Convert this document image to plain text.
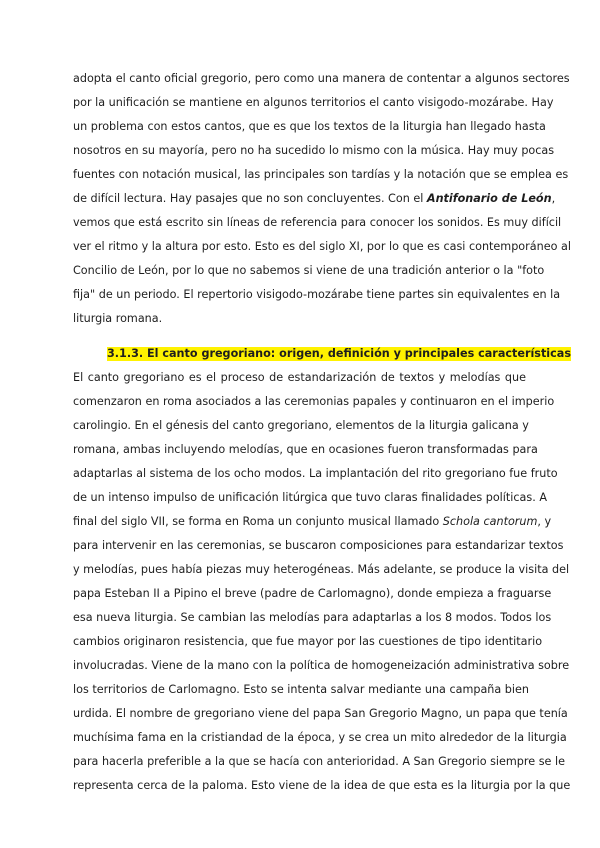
adopta el canto oficial gregorio, pero como una manera de contentar a algunos sectores
por la unificación se mantiene en algunos territorios el canto visigodo-mozárabe. Hay
un problema con estos cantos, que es que los textos de la liturgia han llegado hasta
nosotros en su mayoría, pero no ha sucedido lo mismo con la música. Hay muy pocas
fuentes con notación musical, las principales son tardías y la notación que se emplea es
de difícil lectura. Hay pasajes que no son concluyentes. Con el Antifonario de León,
vemos que está escrito sin líneas de referencia para conocer los sonidos. Es muy difícil
ver el ritmo y la altura por esto. Esto es del siglo XI, por lo que es casi contemporáneo al
Concilio de León, por lo que no sabemos si viene de una tradición anterior o la "foto
fija" de un periodo. El repertorio visigodo-mozárabe tiene partes sin equivalentes en la
liturgia romana.
3.1.3. El canto gregoriano: origen, definición y principales características
El canto gregoriano es el proceso de estandarización de textos y melodías que
comenzaron en roma asociados a las ceremonias papales y continuaron en el imperio
carolingio. En el génesis del canto gregoriano, elementos de la liturgia galicana y
romana, ambas incluyendo melodías, que en ocasiones fueron transformadas para
adaptarlas al sistema de los ocho modos. La implantación del rito gregoriano fue fruto
de un intenso impulso de unificación litúrgica que tuvo claras finalidades políticas. A
final del siglo VII, se forma en Roma un conjunto musical llamado Schola cantorum, y
para intervenir en las ceremonias, se buscaron composiciones para estandarizar textos
y melodías, pues había piezas muy heterogéneas. Más adelante, se produce la visita del
papa Esteban II a Pipino el breve (padre de Carlomagno), donde empieza a fraguarse
esa nueva liturgia. Se cambian las melodías para adaptarlas a los 8 modos. Todos los
cambios originaron resistencia, que fue mayor por las cuestiones de tipo identitario
involucradas. Viene de la mano con la política de homogeneización administrativa sobre
los territorios de Carlomagno. Esto se intenta salvar mediante una campaña bien
urdida. El nombre de gregoriano viene del papa San Gregorio Magno, un papa que tenía
muchísima fama en la cristiandad de la época, y se crea un mito alrededor de la liturgia
para hacerla preferible a la que se hacía con anterioridad. A San Gregorio siempre se le
representa cerca de la paloma. Esto viene de la idea de que esta es la liturgia por la que
